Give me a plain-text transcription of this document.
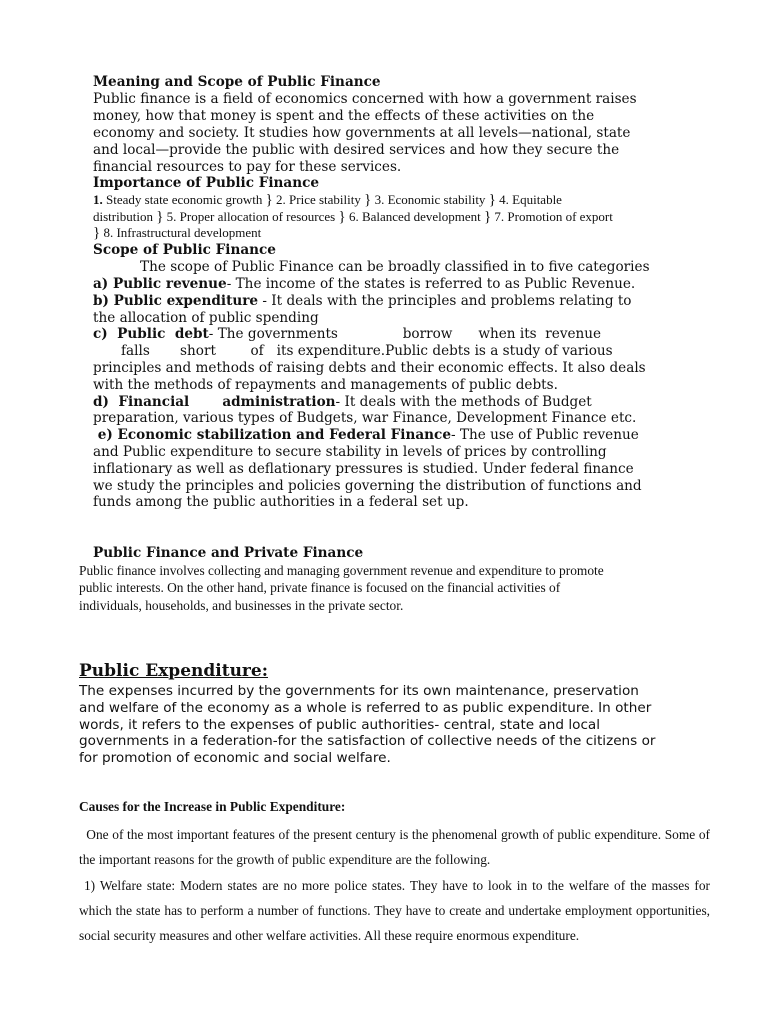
Meaning and Scope of Public Finance
Public finance is a field of economics concerned with how a government raises
money, how that money is spent and the effects of these activities on the
economy and society. It studies how governments at all levels—national, state
and local—provide the public with desired services and how they secure the
financial resources to pay for these services.
Importance of Public Finance
1. Steady state economic growth } 2. Price stability } 3. Economic stability } 4. Equitable
distribution } 5. Proper allocation of resources } 6. Balanced development } 7. Promotion of export
} 8. Infrastructural development
Scope of Public Finance
The scope of Public Finance can be broadly classified in to five categories
a) Public revenue- The income of the states is referred to as Public Revenue.
b) Public expenditure - It deals with the principles and problems relating to
the allocation of public spending
c)  Public  debt- The governments               borrow      when its  revenue
falls       short        of   its expenditure.Public debts is a study of various
principles and methods of raising debts and their economic effects. It also deals
with the methods of repayments and managements of public debts.
d)  Financial       administration- It deals with the methods of Budget
preparation, various types of Budgets, war Finance, Development Finance etc.
e) Economic stabilization and Federal Finance- The use of Public revenue
and Public expenditure to secure stability in levels of prices by controlling
inflationary as well as deflationary pressures is studied. Under federal finance
we study the principles and policies governing the distribution of functions and
funds among the public authorities in a federal set up.
Public Finance and Private Finance
Public finance involves collecting and managing government revenue and expenditure to promote
public interests. On the other hand, private finance is focused on the financial activities of
individuals, households, and businesses in the private sector.
Public Expenditure:
The expenses incurred by the governments for its own maintenance, preservation
and welfare of the economy as a whole is referred to as public expenditure. In other
words, it refers to the expenses of public authorities- central, state and local
governments in a federation-for the satisfaction of collective needs of the citizens or
for promotion of economic and social welfare.
Causes for the Increase in Public Expenditure:
One of the most important features of the present century is the phenomenal growth of public expenditure. Some of the important reasons for the growth of public expenditure are the following.
1) Welfare state: Modern states are no more police states. They have to look in to the welfare of the masses for which the state has to perform a number of functions. They have to create and undertake employment opportunities, social security measures and other welfare activities. All these require enormous expenditure.
